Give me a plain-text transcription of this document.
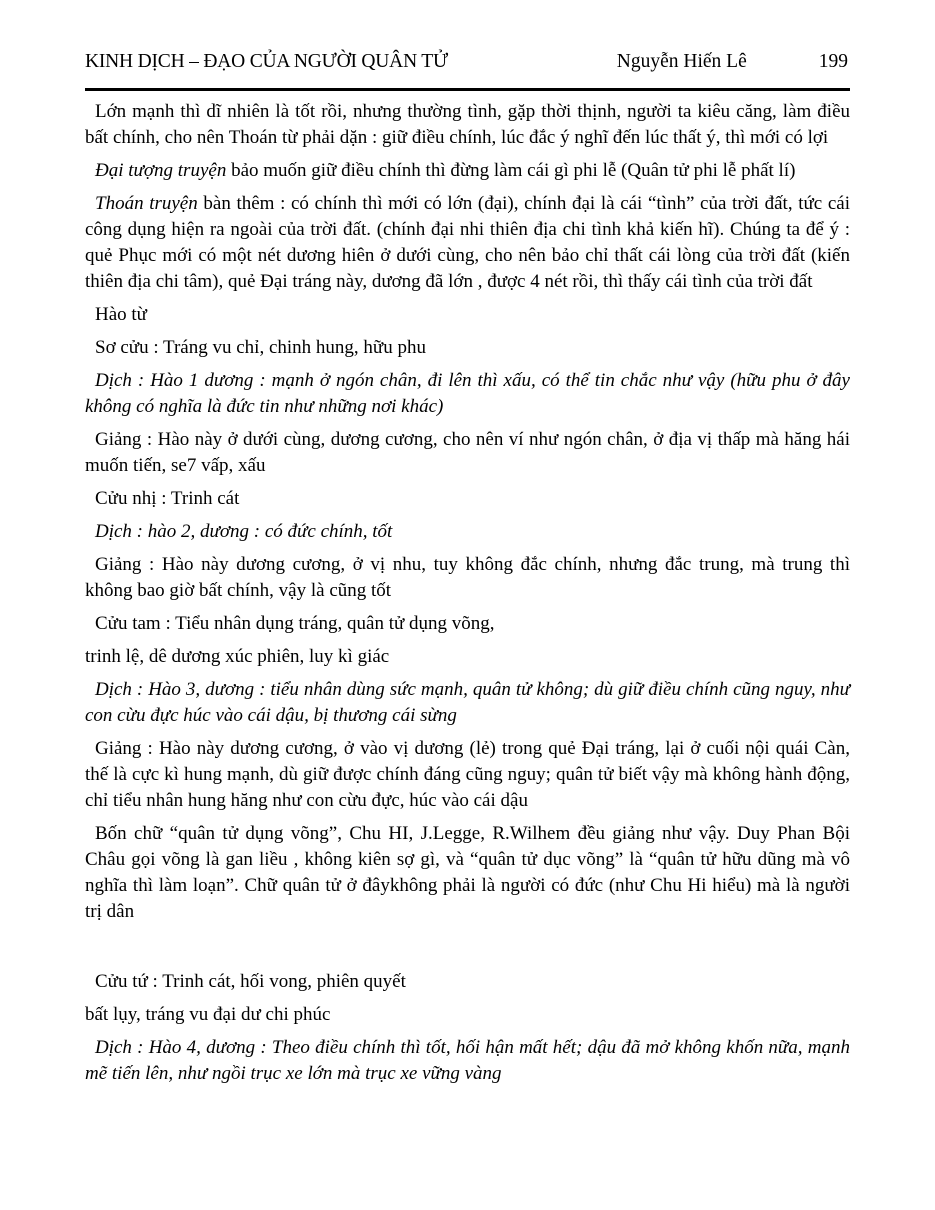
KINH DỊCH – ĐẠO CỦA NGƯỜI QUÂN TỬ	Nguyễn Hiến Lê	199

Lớn mạnh thì dĩ nhiên là tốt rồi, nhưng thường tình, gặp thời thịnh, người ta kiêu căng, làm điều bất chính, cho nên Thoán từ phải dặn : giữ điều chính, lúc đắc ý nghĩ đến lúc thất ý, thì mới có lợi

Đại tượng truyện bảo muốn giữ điều chính thì đừng làm cái gì phi lễ (Quân tử phi lễ phất lí)

Thoán truyện bàn thêm : có chính thì mới có lớn (đại), chính đại là cái “tình” của trời đất, tức cái công dụng hiện ra ngoài của trời đất. (chính đại nhi thiên địa chi tình khả kiến hĩ). Chúng ta để ý : quẻ Phục mới có một nét dương hiên ở dưới cùng, cho nên bảo chỉ thất cái lòng của trời đất (kiến thiên địa chi tâm), quẻ Đại tráng này, dương đã lớn , được 4 nét rồi, thì thấy cái tình của trời đất

Hào từ

Sơ cửu : Tráng vu chỉ, chinh hung, hữu phu

Dịch : Hào 1 dương : mạnh ở ngón chân, đi lên thì xấu, có thể tin chắc như vậy (hữu phu ở đây không có nghĩa là đức tin như những nơi khác)

Giảng : Hào này ở dưới cùng, dương cương, cho nên ví như ngón chân, ở địa vị thấp mà hăng hái muốn tiến, se7 vấp, xấu

Cửu nhị : Trinh cát

Dịch : hào 2, dương : có đức chính, tốt

Giảng : Hào này dương cương, ở vị nhu, tuy không đắc chính, nhưng đắc trung, mà trung thì không bao giờ bất chính, vậy là cũng tốt

Cửu tam : Tiểu nhân dụng tráng, quân tử dụng võng,

trinh lệ, dê dương xúc phiên, luy kì giác

Dịch : Hào 3, dương : tiểu nhân dùng sức mạnh, quân tử không; dù giữ điều chính cũng nguy, như con cừu đực húc vào cái dậu, bị thương cái sừng

Giảng : Hào này dương cương, ở vào vị dương (lẻ) trong quẻ Đại tráng, lại ở cuối nội quái Càn, thế là cực kì hung mạnh, dù giữ được chính đáng cũng nguy; quân tử biết vậy mà không hành động, chỉ tiểu nhân hung hăng như con cừu đực, húc vào cái dậu

Bốn chữ “quân tử dụng võng”, Chu HI, J.Legge, R.Wilhem đều giảng như vậy. Duy Phan Bội Châu gọi võng là gan liều , không kiên sợ gì, và “quân tử dục võng” là “quân tử hữu dũng mà vô nghĩa thì làm loạn”. Chữ quân tử ở đâykhông phải là người có đức (như Chu Hi hiểu) mà là người trị dân

Cửu tứ : Trinh cát, hối vong, phiên quyết

bất lụy, tráng vu đại dư chi phúc

Dịch : Hào 4, dương : Theo điều chính thì tốt, hối hận mất hết; dậu đã mở không khốn nữa, mạnh mẽ tiến lên, như ngồi trục xe lớn mà trục xe vững vàng
